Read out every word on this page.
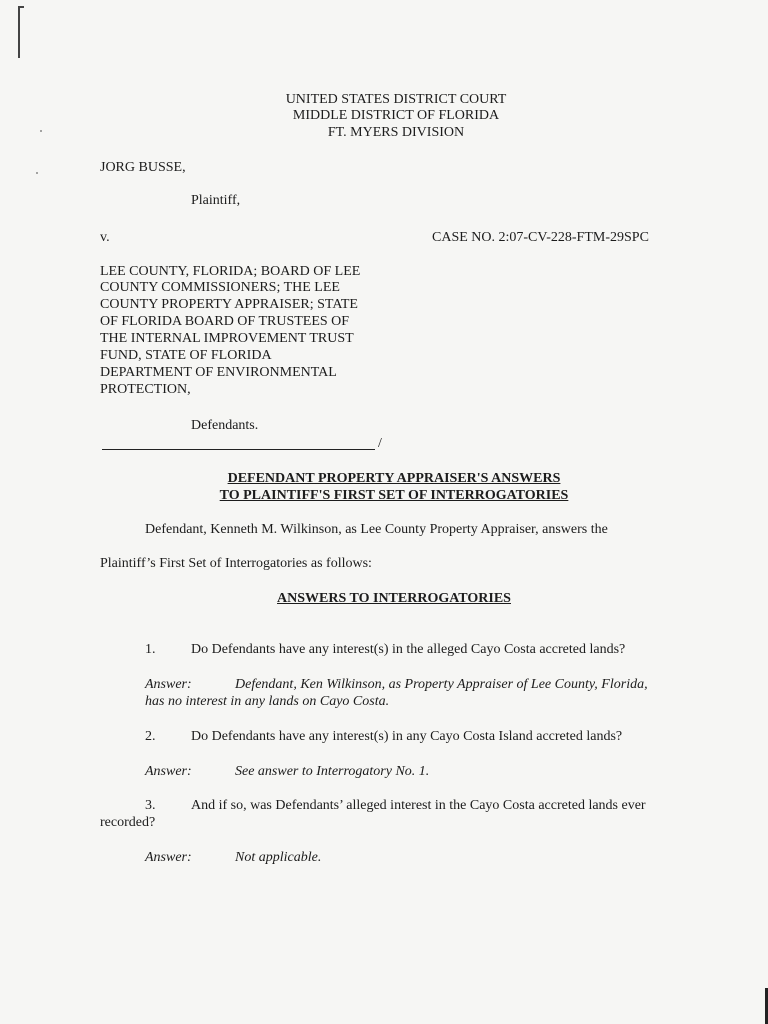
UNITED STATES DISTRICT COURT
MIDDLE DISTRICT OF FLORIDA
FT. MYERS DIVISION
JORG BUSSE,
Plaintiff,
v.	CASE NO. 2:07-CV-228-FTM-29SPC
LEE COUNTY, FLORIDA; BOARD OF LEE
COUNTY COMMISSIONERS; THE LEE
COUNTY PROPERTY APPRAISER; STATE
OF FLORIDA BOARD OF TRUSTEES OF
THE INTERNAL IMPROVEMENT TRUST
FUND, STATE OF FLORIDA
DEPARTMENT OF ENVIRONMENTAL
PROTECTION,
Defendants.
/
DEFENDANT PROPERTY APPRAISER'S ANSWERS
TO PLAINTIFF'S FIRST SET OF INTERROGATORIES
Defendant, Kenneth M. Wilkinson, as Lee County Property Appraiser, answers the
Plaintiff’s First Set of Interrogatories as follows:
ANSWERS TO INTERROGATORIES
1.	Do Defendants have any interest(s) in the alleged Cayo Costa accreted lands?
Answer:	Defendant, Ken Wilkinson, as Property Appraiser of Lee County, Florida,
has no interest in any lands on Cayo Costa.
2.	Do Defendants have any interest(s) in any Cayo Costa Island accreted lands?
Answer:	See answer to Interrogatory No. 1.
3.	And if so, was Defendants’ alleged interest in the Cayo Costa accreted lands ever
recorded?
Answer:	Not applicable.
